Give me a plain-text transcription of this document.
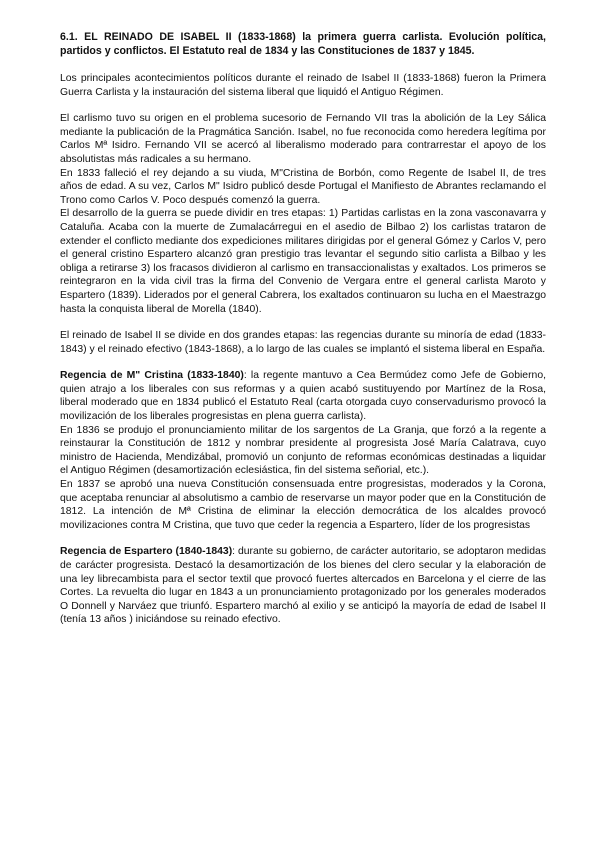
6.1. EL REINADO DE ISABEL II (1833-1868) la primera guerra carlista. Evolución política, partidos y conflictos. El Estatuto real de 1834 y las Constituciones de 1837 y 1845.

Los principales acontecimientos políticos durante el reinado de Isabel II (1833-1868) fueron la Primera Guerra Carlista y la instauración del sistema liberal que liquidó el Antiguo Régimen.

El carlismo tuvo su origen en el problema sucesorio de Fernando VII tras la abolición de la Ley Sálica mediante la publicación de la Pragmática Sanción. Isabel, no fue reconocida como heredera legítima por Carlos Mª Isidro. Fernando VII se acercó al liberalismo moderado para contrarrestar el apoyo de los absolutistas más radicales a su hermano.

En 1833 falleció el rey dejando a su viuda, M"Cristina de Borbón, como Regente de Isabel II, de tres años de edad. A su vez, Carlos M" Isidro publicó desde Portugal el Manifiesto de Abrantes reclamando el Trono como Carlos V. Poco después comenzó la guerra.

El desarrollo de la guerra se puede dividir en tres etapas: 1) Partidas carlistas en la zona vasconavarra y Cataluña. Acaba con la muerte de Zumalacárregui en el asedio de Bilbao 2) los carlistas trataron de extender el conflicto mediante dos expediciones militares dirigidas por el general Gómez y Carlos V, pero el general cristino Espartero alcanzó gran prestigio tras levantar el segundo sitio carlista a Bilbao y les obliga a retirarse 3) los fracasos dividieron al carlismo en transaccionalistas y exaltados. Los primeros se reintegraron en la vida civil tras la firma del Convenio de Vergara entre el general carlista Maroto y Espartero (1839). Liderados por el general Cabrera, los exaltados continuaron su lucha en el Maestrazgo hasta la conquista liberal de Morella (1840).

El reinado de Isabel II se divide en dos grandes etapas: las regencias durante su minoría de edad (1833-1843) y el reinado efectivo (1843-1868), a lo largo de las cuales se implantó el sistema liberal en España.

Regencia de M" Cristina (1833-1840): la regente mantuvo a Cea Bermúdez como Jefe de Gobierno, quien atrajo a los liberales con sus reformas y a quien acabó sustituyendo por Martínez de la Rosa, liberal moderado que en 1834 publicó el Estatuto Real (carta otorgada cuyo conservadurismo provocó la movilización de los liberales progresistas en plena guerra carlista).

En 1836 se produjo el pronunciamiento militar de los sargentos de La Granja, que forzó a la regente a reinstaurar la Constitución de 1812 y nombrar presidente al progresista José María Calatrava, cuyo ministro de Hacienda, Mendizábal, promovió un conjunto de reformas económicas destinadas a liquidar el Antiguo Régimen (desamortización eclesiástica, fin del sistema señorial, etc.).

En 1837 se aprobó una nueva Constitución consensuada entre progresistas, moderados y la Corona, que aceptaba renunciar al absolutismo a cambio de reservarse un mayor poder que en la Constitución de 1812. La intención de Mª Cristina de eliminar la elección democrática de los alcaldes provocó movilizaciones contra M Cristina, que tuvo que ceder la regencia a Espartero, líder de los progresistas

Regencia de Espartero (1840-1843): durante su gobierno, de carácter autoritario, se adoptaron medidas de carácter progresista. Destacó la desamortización de los bienes del clero secular y la elaboración de una ley librecambista para el sector textil que provocó fuertes altercados en Barcelona y el cierre de las Cortes. La revuelta dio lugar en 1843 a un pronunciamiento protagonizado por los generales moderados O Donnell y Narváez que triunfó. Espartero marchó al exilio y se anticipó la mayoría de edad de Isabel II (tenía 13 años ) iniciándose su reinado efectivo.
